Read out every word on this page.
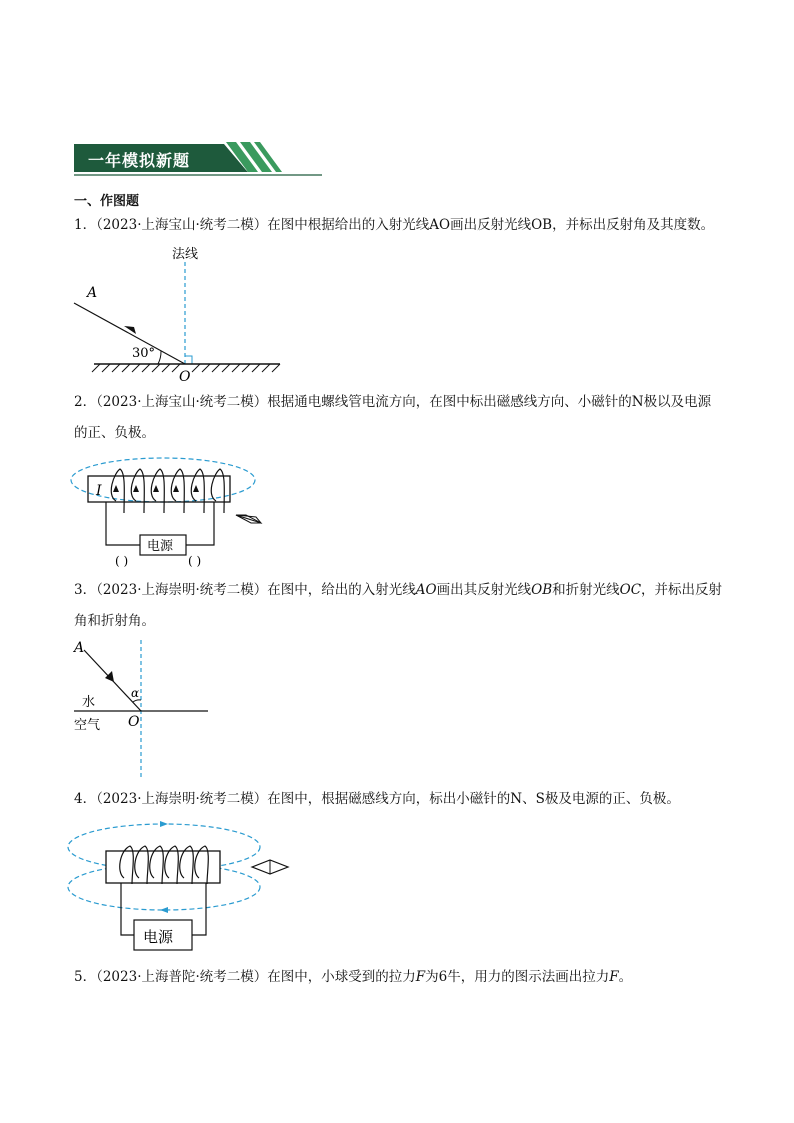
一年模拟新题
一、作图题
1．（2023·上海宝山·统考二模）在图中根据给出的入射光线AO画出反射光线OB，并标出反射角及其度数。
法线
A
30°
O
2．（2023·上海宝山·统考二模）根据通电螺线管电流方向，在图中标出磁感线方向、小磁针的N极以及电源的正、负极。
I
电源
( )	( )
3．（2023·上海崇明·统考二模）在图中，给出的入射光线AO画出其反射光线OB和折射光线OC，并标出反射角和折射角。
A
α
水
空气 O
4．（2023·上海崇明·统考二模）在图中，根据磁感线方向，标出小磁针的N、S极及电源的正、负极。
电源
5．（2023·上海普陀·统考二模）在图中，小球受到的拉力F为6牛，用力的图示法画出拉力F。
